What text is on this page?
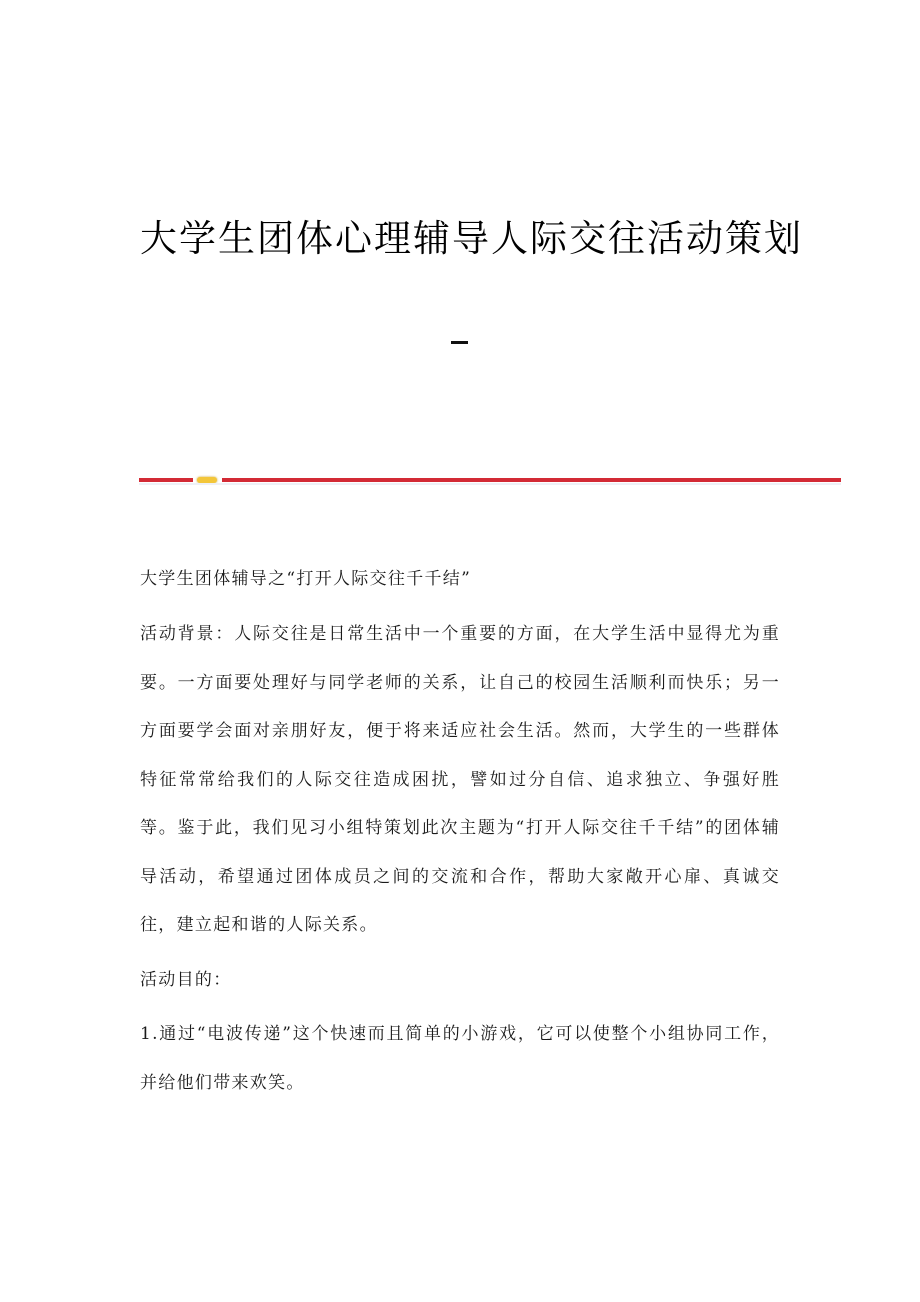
大学生团体心理辅导人际交往活动策划
大学生团体辅导之“打开人际交往千千结”
活动背景：人际交往是日常生活中一个重要的方面，在大学生活中显得尤为重要。一方面要处理好与同学老师的关系，让自己的校园生活顺利而快乐；另一方面要学会面对亲朋好友，便于将来适应社会生活。然而，大学生的一些群体特征常常给我们的人际交往造成困扰，譬如过分自信、追求独立、争强好胜等。鉴于此，我们见习小组特策划此次主题为“打开人际交往千千结”的团体辅导活动，希望通过团体成员之间的交流和合作，帮助大家敞开心扉、真诚交往，建立起和谐的人际关系。
活动目的：
1.通过“电波传递”这个快速而且简单的小游戏，它可以使整个小组协同工作，并给他们带来欢笑。
